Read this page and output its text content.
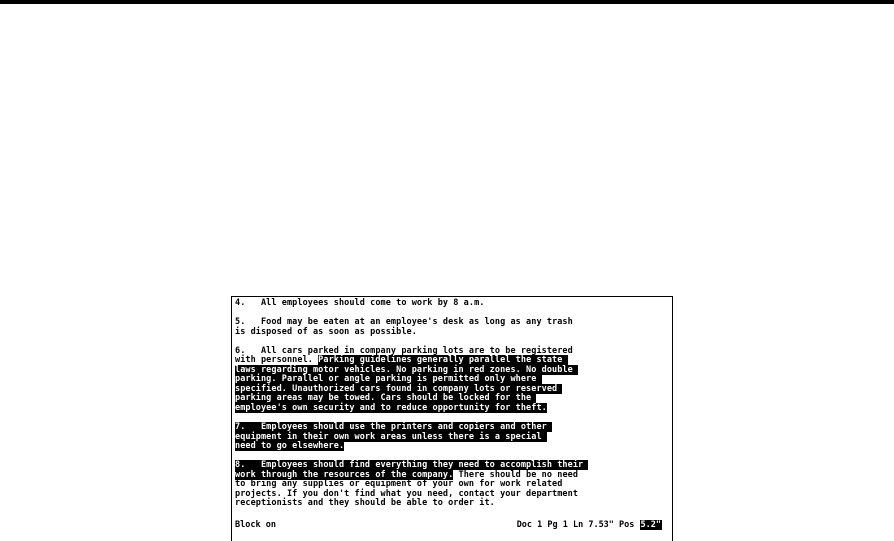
4.   All employees should come to work by 8 a.m.
5.   Food may be eaten at an employee's desk as long as any trash
is disposed of as soon as possible.
6.   All cars parked in company parking lots are to be registered
with personnel. Parking guidelines generally parallel the state
laws regarding motor vehicles. No parking in red zones. No double
parking. Parallel or angle parking is permitted only where
specified. Unauthorized cars found in company lots or reserved
parking areas may be towed. Cars should be locked for the
employee's own security and to reduce opportunity for theft.
7.   Employees should use the printers and copiers and other
equipment in their own work areas unless there is a special
need to go elsewhere.
8.   Employees should find everything they need to accomplish their
work through the resources of the company. There should be no need
to bring any supplies or equipment of your own for work related
projects. If you don't find what you need, contact your department
receptionists and they should be able to order it.

Block on

	Doc 1 Pg 1 Ln 7.53" Pos 5.2"
